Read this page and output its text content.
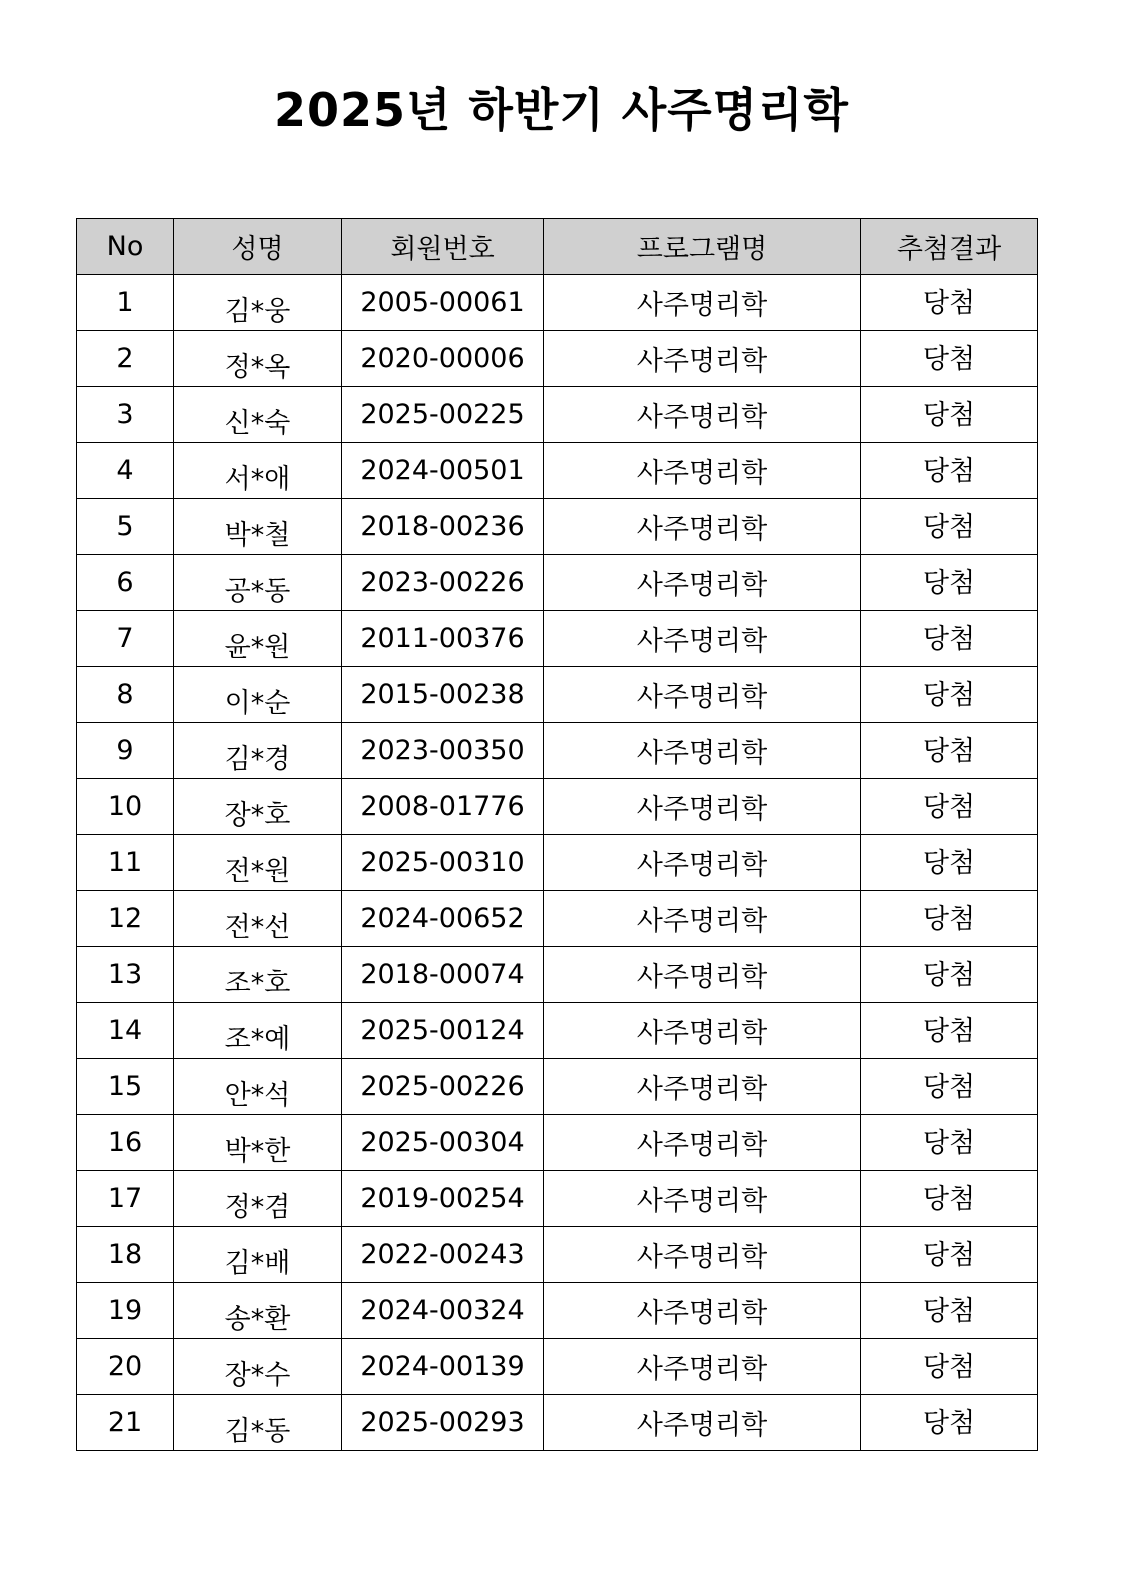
2025년 하반기 사주명리학
No	성명	회원번호	프로그램명	추첨결과
1	김*웅	2005-00061	사주명리학	당첨
2	정*옥	2020-00006	사주명리학	당첨
3	신*숙	2025-00225	사주명리학	당첨
4	서*애	2024-00501	사주명리학	당첨
5	박*철	2018-00236	사주명리학	당첨
6	공*동	2023-00226	사주명리학	당첨
7	윤*원	2011-00376	사주명리학	당첨
8	이*순	2015-00238	사주명리학	당첨
9	김*경	2023-00350	사주명리학	당첨
10	장*호	2008-01776	사주명리학	당첨
11	전*원	2025-00310	사주명리학	당첨
12	전*선	2024-00652	사주명리학	당첨
13	조*호	2018-00074	사주명리학	당첨
14	조*예	2025-00124	사주명리학	당첨
15	안*석	2025-00226	사주명리학	당첨
16	박*한	2025-00304	사주명리학	당첨
17	정*겸	2019-00254	사주명리학	당첨
18	김*배	2022-00243	사주명리학	당첨
19	송*환	2024-00324	사주명리학	당첨
20	장*수	2024-00139	사주명리학	당첨
21	김*동	2025-00293	사주명리학	당첨
